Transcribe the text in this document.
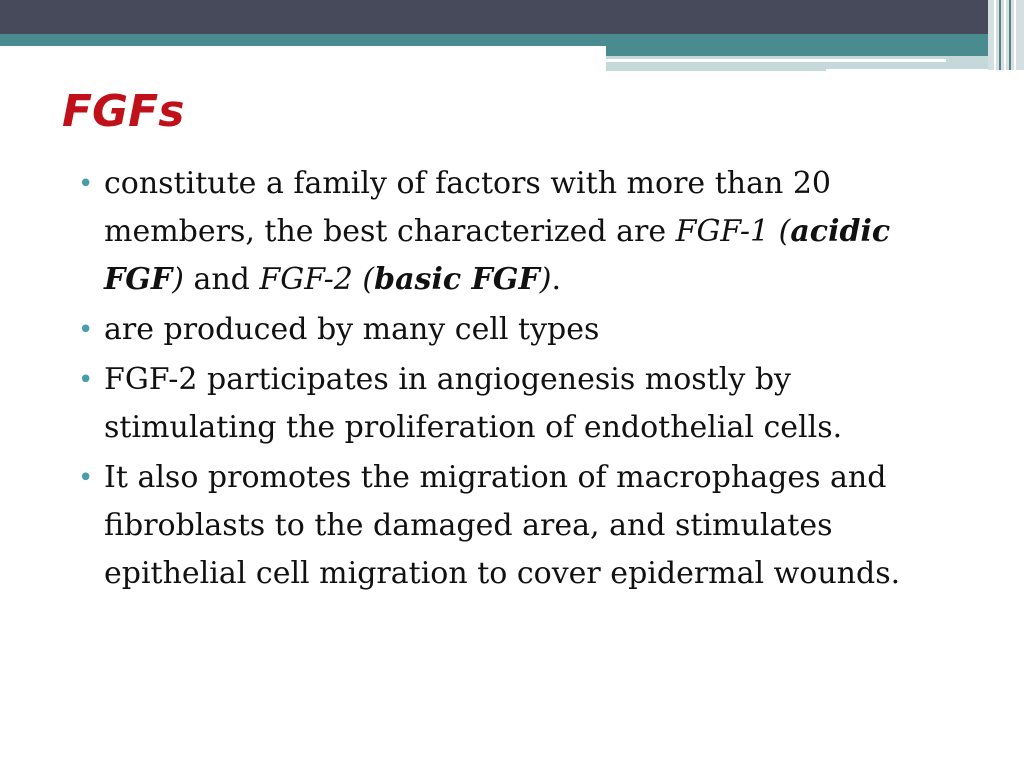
FGFs
• constitute a family of factors with more than 20 members, the best characterized are FGF-1 (acidic FGF) and FGF-2 (basic FGF).
• are produced by many cell types
• FGF-2 participates in angiogenesis mostly by stimulating the proliferation of endothelial cells.
• It also promotes the migration of macrophages and fibroblasts to the damaged area, and stimulates epithelial cell migration to cover epidermal wounds.
